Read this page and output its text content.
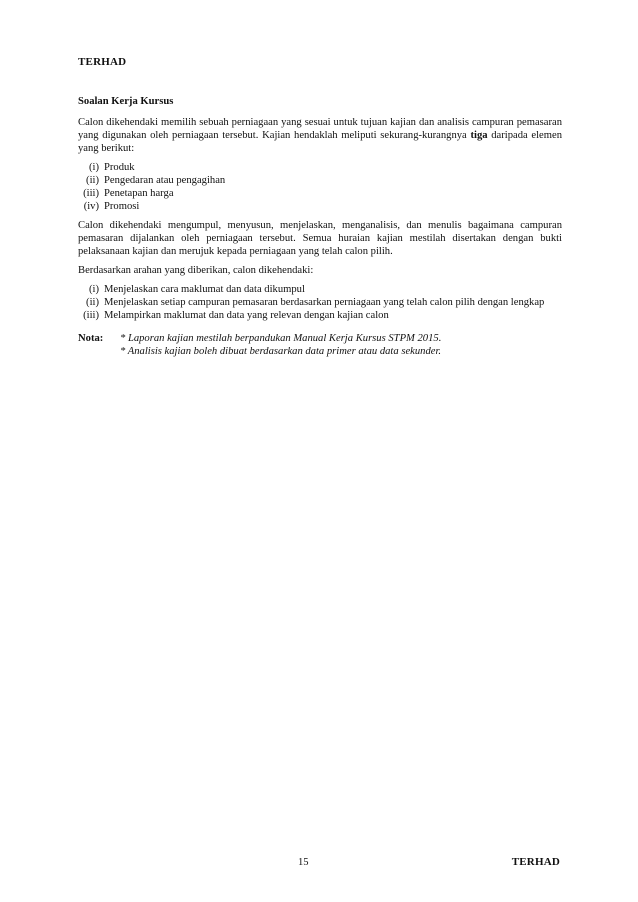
TERHAD
Soalan Kerja Kursus

Calon dikehendaki memilih sebuah perniagaan yang sesuai untuk tujuan kajian dan analisis campuran pemasaran yang digunakan oleh perniagaan tersebut. Kajian hendaklah meliputi sekurang-kurangnya tiga daripada elemen yang berikut:

(i) Produk
(ii) Pengedaran atau pengagihan
(iii) Penetapan harga
(iv) Promosi

Calon dikehendaki mengumpul, menyusun, menjelaskan, menganalisis, dan menulis bagaimana campuran pemasaran dijalankan oleh perniagaan tersebut. Semua huraian kajian mestilah disertakan dengan bukti pelaksanaan kajian dan merujuk kepada perniagaan yang telah calon pilih.

Berdasarkan arahan yang diberikan, calon dikehendaki:

(i) Menjelaskan cara maklumat dan data dikumpul
(ii) Menjelaskan setiap campuran pemasaran berdasarkan perniagaan yang telah calon pilih dengan lengkap
(iii) Melampirkan maklumat dan data yang relevan dengan kajian calon
Nota:	* Laporan kajian mestilah berpandukan Manual Kerja Kursus STPM 2015.
* Analisis kajian boleh dibuat berdasarkan data primer atau data sekunder.
15	TERHAD
